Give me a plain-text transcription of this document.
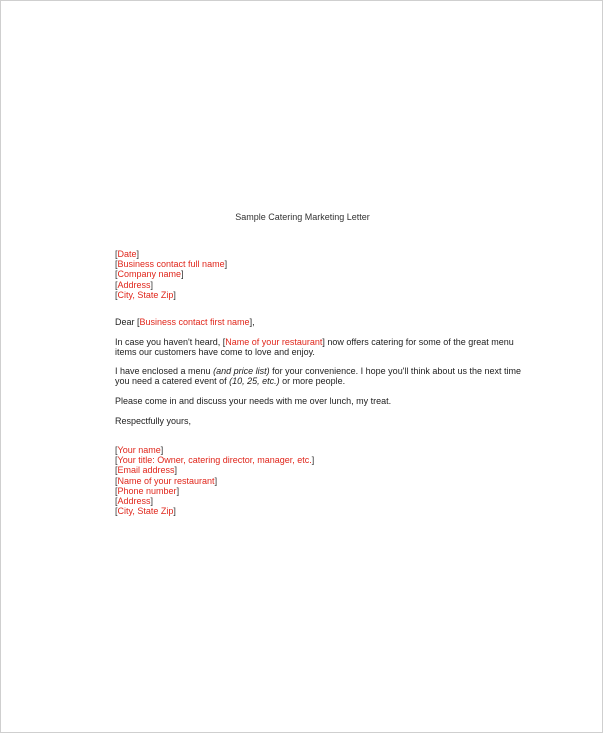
Sample Catering Marketing Letter
[ Date ]
[ Business contact full name ]
[ Company name ]
[ Address ]
[ City, State Zip ]
Dear [Business contact first name],
In case you haven't heard, [Name of your restaurant] now offers catering for some of the great menu
items our customers have come to love and enjoy.
I have enclosed a menu (and price list) for your convenience. I hope you'll think about us the next time
you need a catered event of (10, 25, etc.) or more people.
Please come in and discuss your needs with me over lunch, my treat.
Respectfully yours,
[ Your name ]
[ Your title: Owner, catering director, manager, etc. ]
[ Email address ]
[ Name of your restaurant ]
[ Phone number ]
[ Address ]
[ City, State Zip ]
